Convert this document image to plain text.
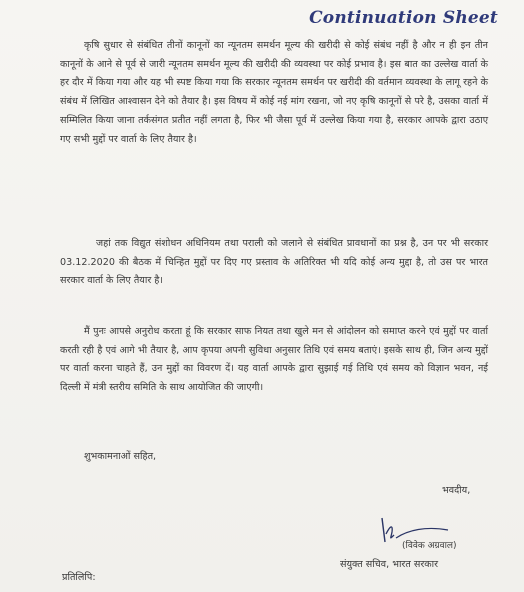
Continuation Sheet
कृषि सुधार से संबंधित तीनों कानूनों का न्यूनतम समर्थन मूल्य की खरीदी से कोई संबंध नहीं है और न ही इन तीन कानूनों के आने से पूर्व से जारी न्यूनतम समर्थन मूल्य की खरीदी की व्यवस्था पर कोई प्रभाव है। इस बात का उल्लेख वार्ता के हर दौर में किया गया और यह भी स्पष्ट किया गया कि सरकार न्यूनतम समर्थन पर खरीदी की वर्तमान व्यवस्था के लागू रहने के संबंध में लिखित आश्वासन देने को तैयार है। इस विषय में कोई नई मांग रखना, जो नए कृषि कानूनों से परे है, उसका वार्ता में सम्मिलित किया जाना तर्कसंगत प्रतीत नहीं लगता है, फिर भी जैसा पूर्व में उल्लेख किया गया है, सरकार आपके द्वारा उठाए गए सभी मुद्दों पर वार्ता के लिए तैयार है।
जहां तक विद्युत संशोधन अधिनियम तथा पराली को जलाने से संबंधित प्रावधानों का प्रश्न है, उन पर भी सरकार 03.12.2020 की बैठक में चिन्हित मुद्दों पर दिए गए प्रस्ताव के अतिरिक्त भी यदि कोई अन्य मुद्दा है, तो उस पर भारत सरकार वार्ता के लिए तैयार है।
मैं पुनः आपसे अनुरोध करता हूं कि सरकार साफ नियत तथा खुले मन से आंदोलन को समाप्त करने एवं मुद्दों पर वार्ता करती रही है एवं आगे भी तैयार है, आप कृपया अपनी सुविधा अनुसार तिथि एवं समय बताएं। इसके साथ ही, जिन अन्य मुद्दों पर वार्ता करना चाहते हैं, उन मुद्दों का विवरण दें। यह वार्ता आपके द्वारा सुझाई गई तिथि एवं समय को विज्ञान भवन, नई दिल्ली में मंत्री स्तरीय समिति के साथ आयोजित की जाएगी।
शुभकामनाओं सहित,
भवदीय,
(विवेक अग्रवाल)
संयुक्त सचिव, भारत सरकार
प्रतिलिपि:
